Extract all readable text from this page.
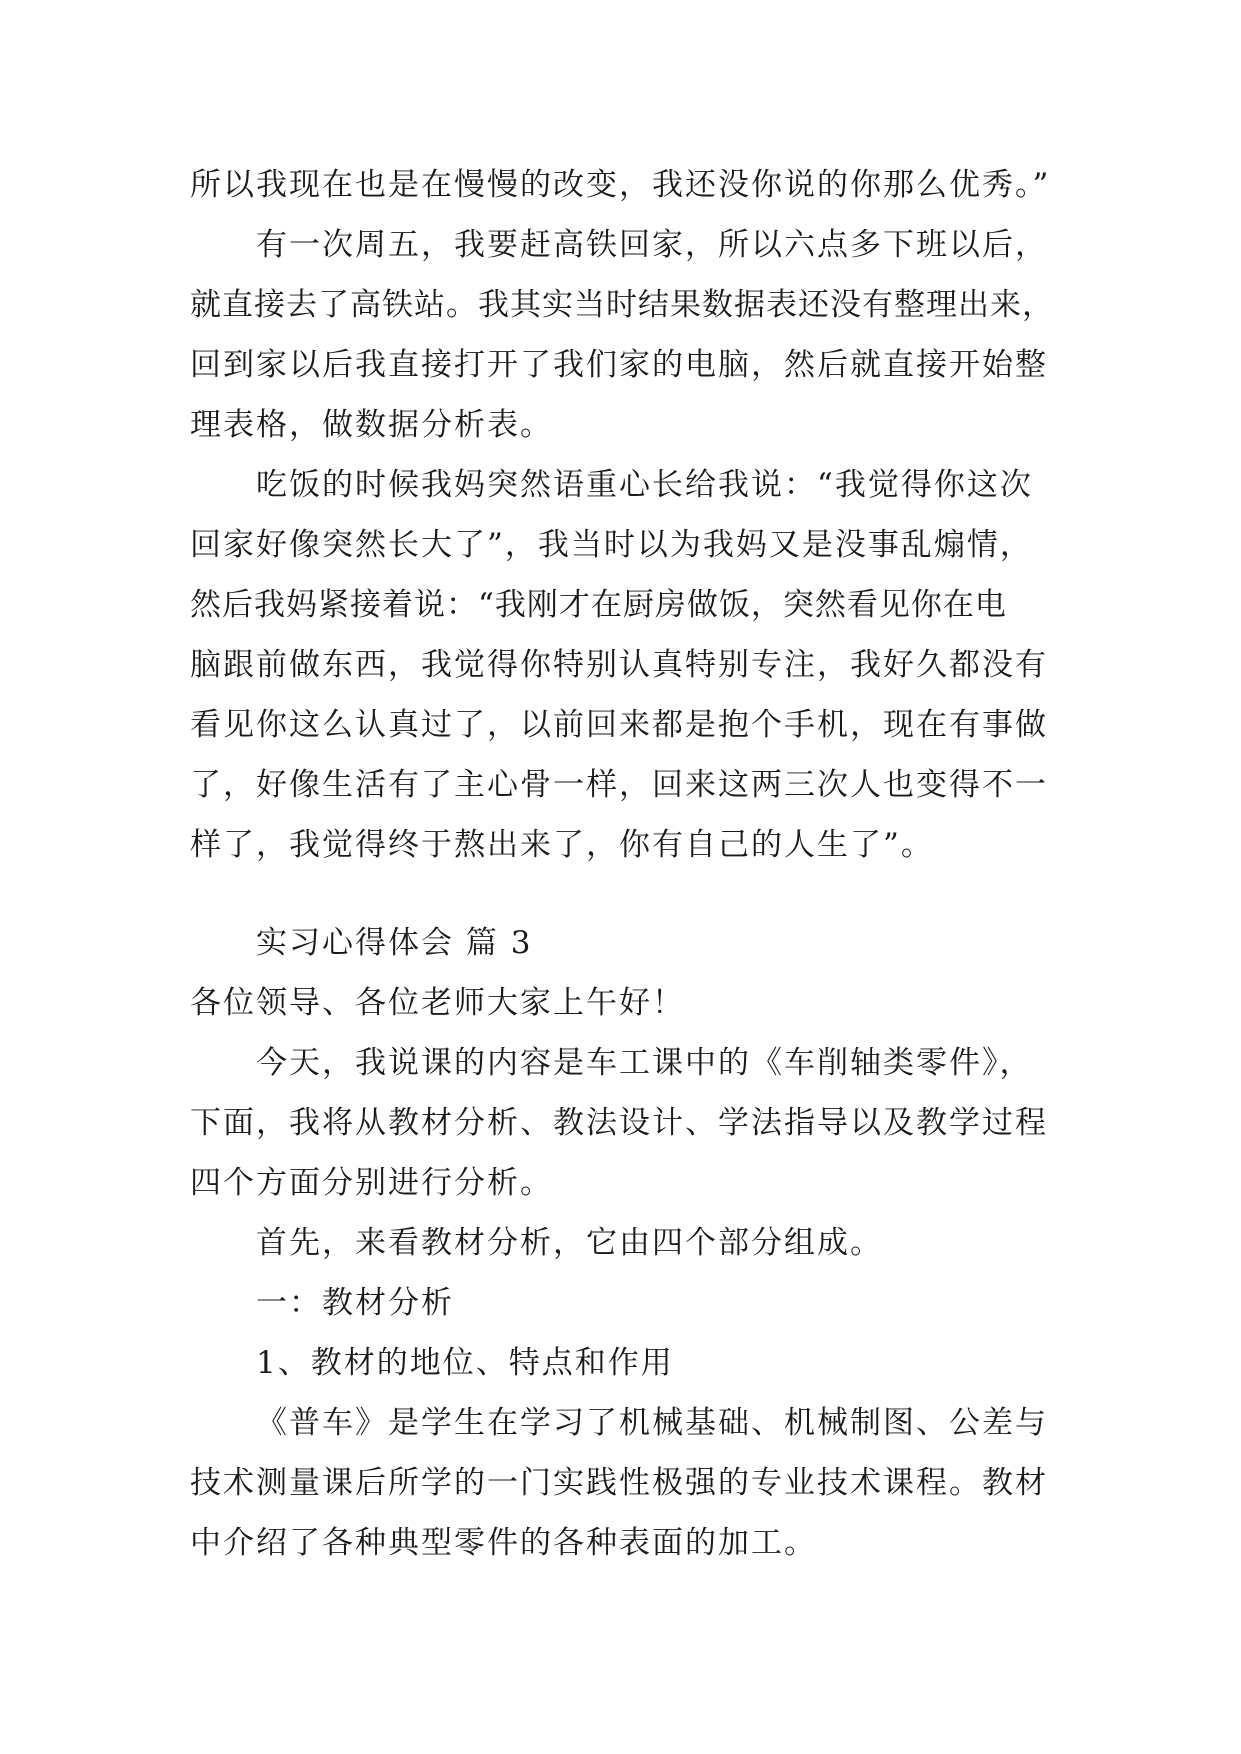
所以我现在也是在慢慢的改变，我还没你说的你那么优秀。”
有一次周五，我要赶高铁回家，所以六点多下班以后，
就直接去了高铁站。我其实当时结果数据表还没有整理出来，
回到家以后我直接打开了我们家的电脑，然后就直接开始整
理表格，做数据分析表。
吃饭的时候我妈突然语重心长给我说：“我觉得你这次
回家好像突然长大了”，我当时以为我妈又是没事乱煽情，
然后我妈紧接着说：“我刚才在厨房做饭，突然看见你在电
脑跟前做东西，我觉得你特别认真特别专注，我好久都没有
看见你这么认真过了，以前回来都是抱个手机，现在有事做
了，好像生活有了主心骨一样，回来这两三次人也变得不一
样了，我觉得终于熬出来了，你有自己的人生了”。
实习心得体会 篇 3
各位领导、各位老师大家上午好！
今天，我说课的内容是车工课中的《车削轴类零件》，
下面，我将从教材分析、教法设计、学法指导以及教学过程
四个方面分别进行分析。
首先，来看教材分析，它由四个部分组成。
一：教材分析
1、教材的地位、特点和作用
《普车》是学生在学习了机械基础、机械制图、公差与
技术测量课后所学的一门实践性极强的专业技术课程。教材
中介绍了各种典型零件的各种表面的加工。
